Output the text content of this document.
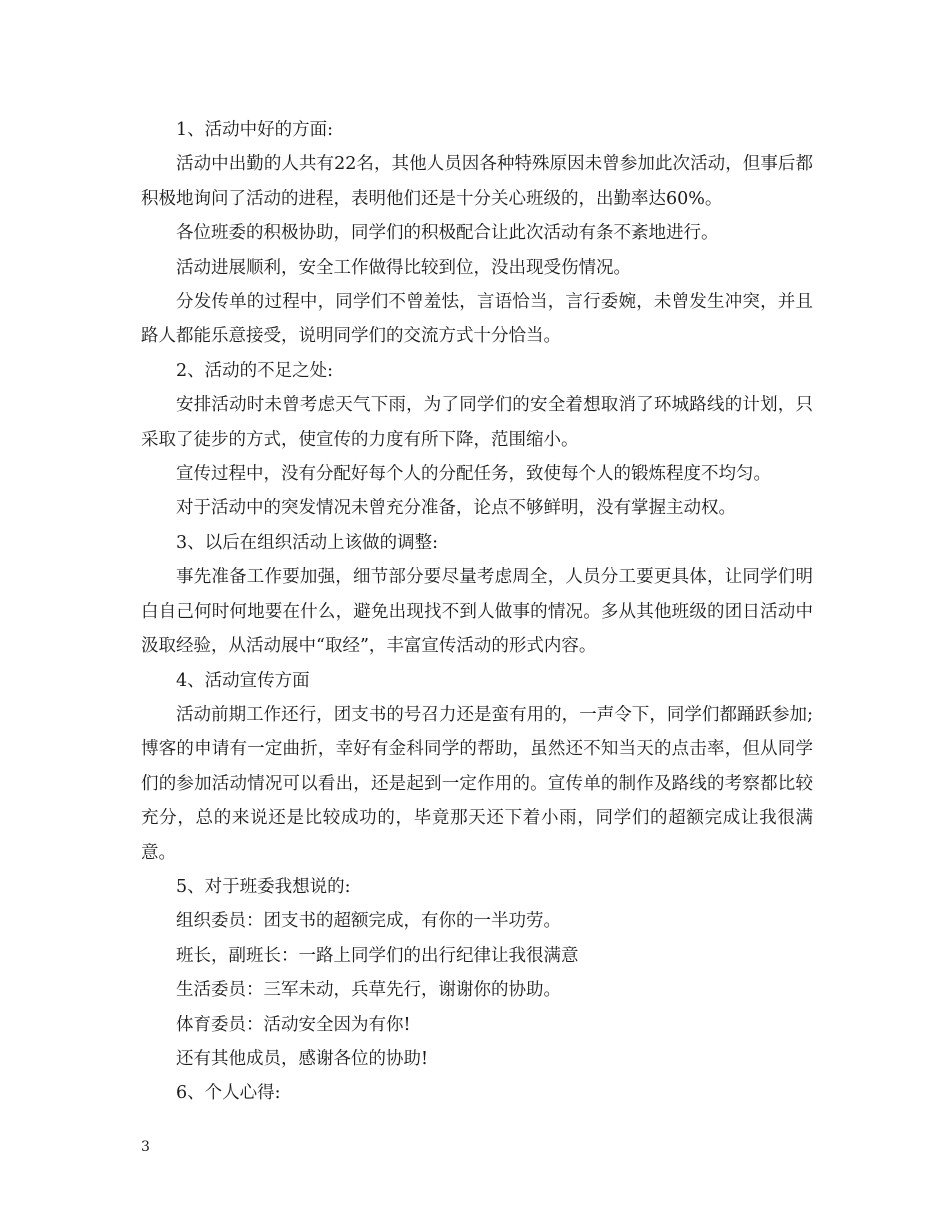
1、活动中好的方面:

活动中出勤的人共有22名，其他人员因各种特殊原因未曾参加此次活动，但事后都积极地询问了活动的进程，表明他们还是十分关心班级的，出勤率达60%。

各位班委的积极协助，同学们的积极配合让此次活动有条不紊地进行。

活动进展顺利，安全工作做得比较到位，没出现受伤情况。

分发传单的过程中，同学们不曾羞怯，言语恰当，言行委婉，未曾发生冲突，并且路人都能乐意接受，说明同学们的交流方式十分恰当。

2、活动的不足之处:

安排活动时未曾考虑天气下雨，为了同学们的安全着想取消了环城路线的计划，只采取了徒步的方式，使宣传的力度有所下降，范围缩小。

宣传过程中，没有分配好每个人的分配任务，致使每个人的锻炼程度不均匀。

对于活动中的突发情况未曾充分准备，论点不够鲜明，没有掌握主动权。

3、以后在组织活动上该做的调整:

事先准备工作要加强，细节部分要尽量考虑周全，人员分工要更具体，让同学们明白自己何时何地要在什么，避免出现找不到人做事的情况。多从其他班级的团日活动中汲取经验，从活动展中“取经”，丰富宣传活动的形式内容。

4、活动宣传方面

活动前期工作还行，团支书的号召力还是蛮有用的，一声令下，同学们都踊跃参加;博客的申请有一定曲折，幸好有金科同学的帮助，虽然还不知当天的点击率，但从同学们的参加活动情况可以看出，还是起到一定作用的。宣传单的制作及路线的考察都比较充分，总的来说还是比较成功的，毕竟那天还下着小雨，同学们的超额完成让我很满意。

5、对于班委我想说的:

组织委员：团支书的超额完成，有你的一半功劳。

班长，副班长：一路上同学们的出行纪律让我很满意

生活委员：三军未动，兵草先行，谢谢你的协助。

体育委员：活动安全因为有你!

还有其他成员，感谢各位的协助!

6、个人心得:

3
